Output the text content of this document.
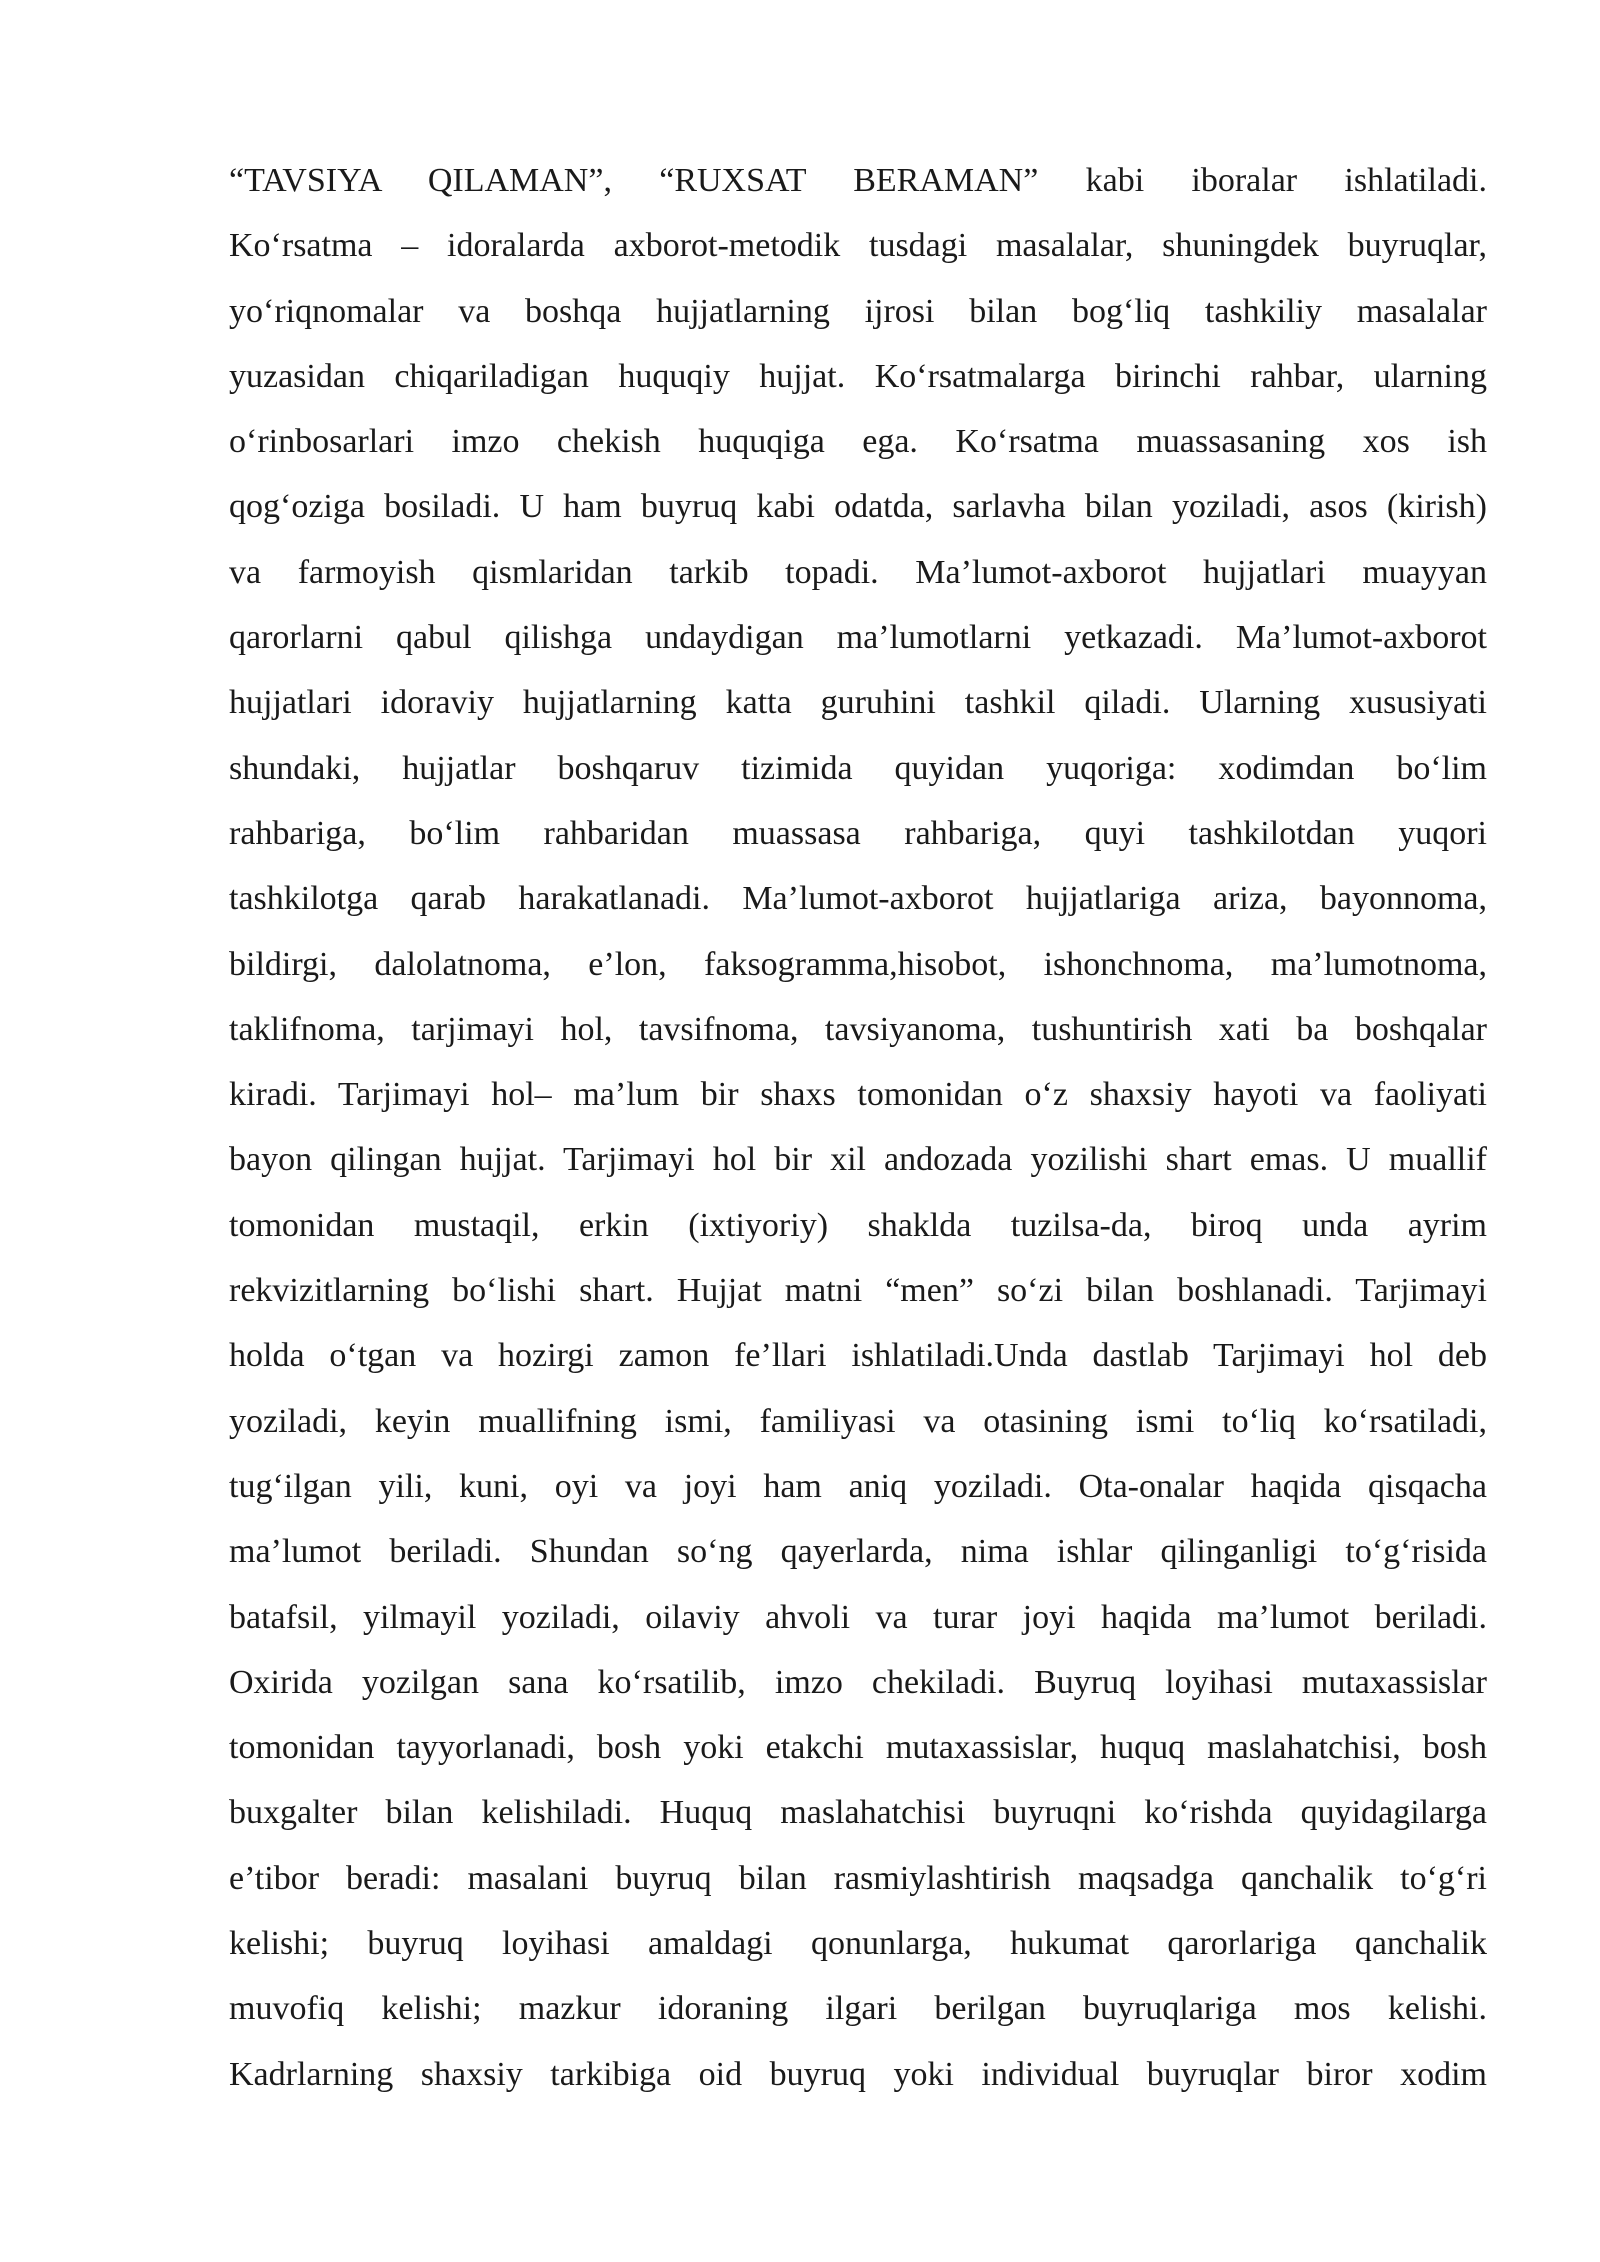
“TAVSIYA QILAMAN”, “RUXSAT BERAMAN” kabi iboralar ishlatiladi.
Ko‘rsatma – idoralarda axborot-metodik tusdagi masalalar, shuningdek buyruqlar,
yo‘riqnomalar va boshqa hujjatlarning ijrosi bilan bog‘liq tashkiliy masalalar
yuzasidan chiqariladigan huquqiy hujjat. Ko‘rsatmalarga birinchi rahbar, ularning
o‘rinbosarlari imzo chekish huquqiga ega. Ko‘rsatma muassasaning xos ish
qog‘oziga bosiladi. U ham buyruq kabi odatda, sarlavha bilan yoziladi, asos (kirish)
va farmoyish qismlaridan tarkib topadi. Ma’lumot-axborot hujjatlari muayyan
qarorlarni qabul qilishga undaydigan ma’lumotlarni yetkazadi. Ma’lumot-axborot
hujjatlari idoraviy hujjatlarning katta guruhini tashkil qiladi. Ularning xususiyati
shundaki, hujjatlar boshqaruv tizimida quyidan yuqoriga: xodimdan bo‘lim
rahbariga, bo‘lim rahbaridan muassasa rahbariga, quyi tashkilotdan yuqori
tashkilotga qarab harakatlanadi. Ma’lumot-axborot hujjatlariga ariza, bayonnoma,
bildirgi, dalolatnoma, e’lon, faksogramma,hisobot, ishonchnoma, ma’lumotnoma,
taklifnoma, tarjimayi hol, tavsifnoma, tavsiyanoma, tushuntirish xati ba boshqalar
kiradi. Tarjimayi hol– ma’lum bir shaxs tomonidan o‘z shaxsiy hayoti va faoliyati
bayon qilingan hujjat. Tarjimayi hol bir xil andozada yozilishi shart emas. U muallif
tomonidan mustaqil, erkin (ixtiyoriy) shaklda tuzilsa-da, biroq unda ayrim
rekvizitlarning bo‘lishi shart. Hujjat matni “men” so‘zi bilan boshlanadi. Tarjimayi
holda o‘tgan va hozirgi zamon fe’llari ishlatiladi.Unda dastlab Tarjimayi hol deb
yoziladi, keyin muallifning ismi, familiyasi va otasining ismi to‘liq ko‘rsatiladi,
tug‘ilgan yili, kuni, oyi va joyi ham aniq yoziladi. Ota-onalar haqida qisqacha
ma’lumot beriladi. Shundan so‘ng qayerlarda, nima ishlar qilinganligi to‘g‘risida
batafsil, yilmayil yoziladi, oilaviy ahvoli va turar joyi haqida ma’lumot beriladi.
Oxirida yozilgan sana ko‘rsatilib, imzo chekiladi. Buyruq loyihasi mutaxassislar
tomonidan tayyorlanadi, bosh yoki etakchi mutaxassislar, huquq maslahatchisi, bosh
buxgalter bilan kelishiladi. Huquq maslahatchisi buyruqni ko‘rishda quyidagilarga
e’tibor beradi: masalani buyruq bilan rasmiylashtirish maqsadga qanchalik to‘g‘ri
kelishi; buyruq loyihasi amaldagi qonunlarga, hukumat qarorlariga qanchalik
muvofiq kelishi; mazkur idoraning ilgari berilgan buyruqlariga mos kelishi.
Kadrlarning shaxsiy tarkibiga oid buyruq yoki individual buyruqlar biror xodim
